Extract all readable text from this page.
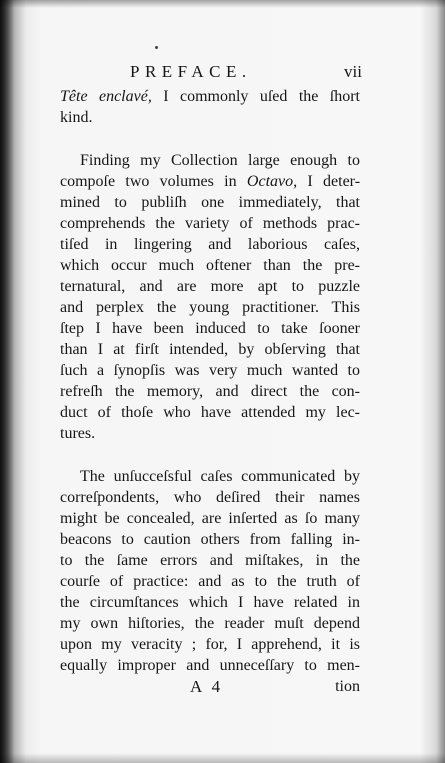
PREFACE.	vii
Tête enclavé, I commonly uſed the ſhort
kind.
Finding my Collection large enough to
compoſe two volumes in Octavo, I deter-
mined to publiſh one immediately, that
comprehends the variety of methods prac-
tiſed in lingering and laborious caſes,
which occur much oftener than the pre-
ternatural, and are more apt to puzzle
and perplex the young practitioner. This
ſtep I have been induced to take ſooner
than I at firſt intended, by obſerving that
ſuch a ſynopſis was very much wanted to
refreſh the memory, and direct the con-
duct of thoſe who have attended my lec-
tures.
The unſucceſsful caſes communicated by
correſpondents, who deſired their names
might be concealed, are inſerted as ſo many
beacons to caution others from falling in-
to the ſame errors and miſtakes, in the
courſe of practice: and as to the truth of
the circumſtances which I have related in
my own hiſtories, the reader muſt depend
upon my veracity ; for, I apprehend, it is
equally improper and unneceſſary to men-
A 4	tion
